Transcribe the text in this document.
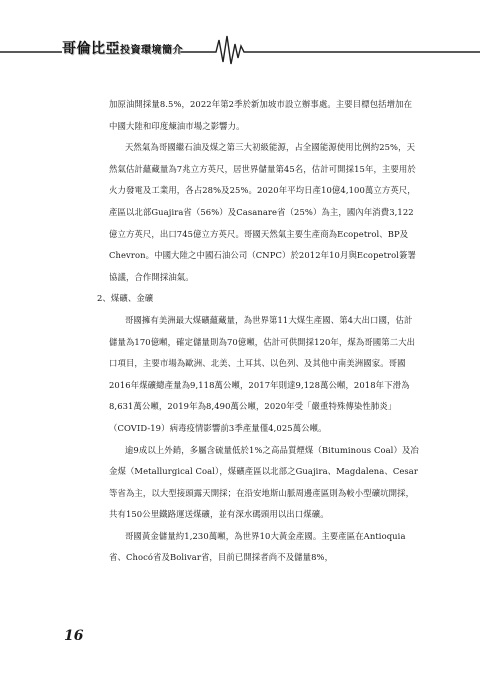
哥倫比亞投資環境簡介

加原油開採量8.5%，2022年第2季於新加坡市設立辦事處。主要目標包括增加在中國大陸和印度煉油市場之影響力。

天然氣為哥國繼石油及煤之第三大初級能源，占全國能源使用比例約25%，天然氣估計蘊藏量為7兆立方英尺，居世界儲量第45名，估計可開採15年，主要用於火力發電及工業用，各占28%及25%。2020年平均日產10億4,100萬立方英尺，產區以北部Guajira省（56%）及Casanare省（25%）為主，國內年消費3,122億立方英尺，出口745億立方英尺。哥國天然氣主要生產商為Ecopetrol、BP及Chevron。中國大陸之中國石油公司（CNPC）於2012年10月與Ecopetrol簽署協議，合作開採油氣。

2、煤礦、金礦

哥國擁有美洲最大煤礦蘊藏量，為世界第11大煤生產國、第4大出口國，估計儲量為170億噸，確定儲量則為70億噸，估計可供開採120年，煤為哥國第二大出口項目，主要市場為歐洲、北美、土耳其、以色列、及其他中南美洲國家。哥國2016年煤礦總產量為9,118萬公噸，2017年則達9,128萬公噸，2018年下滑為8,631萬公噸，2019年為8,490萬公噸，2020年受「嚴重特殊傳染性肺炎」（COVID-19）病毒疫情影響前3季產量僅4,025萬公噸。

逾9成以上外銷，多屬含硫量低於1%之高品質煙煤（Bituminous Coal）及冶金煤（Metallurgical Coal），煤礦產區以北部之Guajira、Magdalena、Cesar等省為主，以大型接頭露天開採；在沿安地斯山脈周邊產區則為較小型礦坑開採，共有150公里鐵路運送煤礦，並有深水碼頭用以出口煤礦。

哥國黃金儲量約1,230萬噸，為世界10大黃金產國。主要產區在Antioquia省、Chocó省及Bolivar省，目前已開採者尚不及儲量8%，

16
